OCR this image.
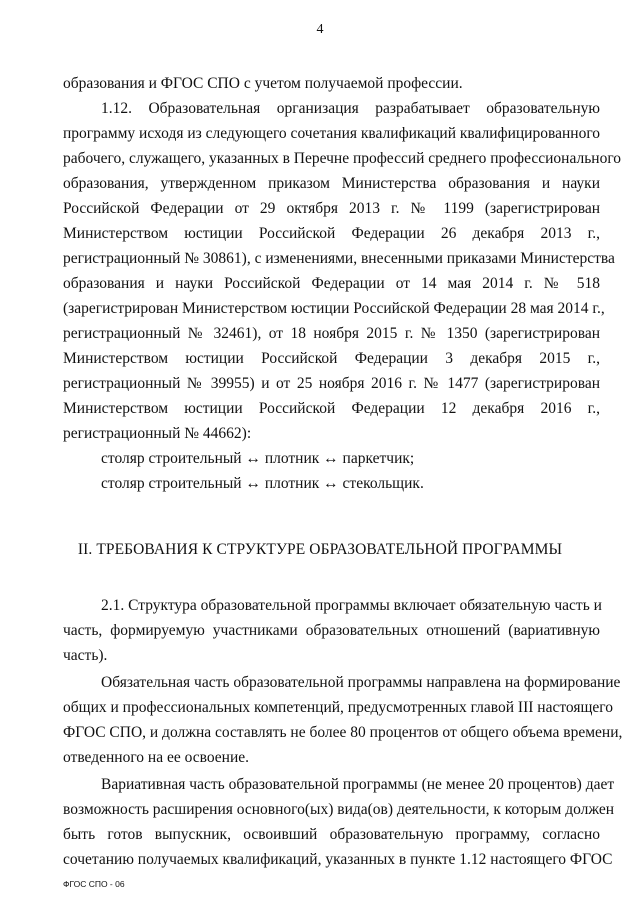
4
образования и ФГОС СПО с учетом получаемой профессии.
1.12. Образовательная организация разрабатывает образовательную
программу исходя из следующего сочетания квалификаций квалифицированного
рабочего, служащего, указанных в Перечне профессий среднего профессионального
образования, утвержденном приказом Министерства образования и науки
Российской Федерации от 29 октября 2013 г. № 1199 (зарегистрирован
Министерством юстиции Российской Федерации 26 декабря 2013 г.,
регистрационный № 30861), с изменениями, внесенными приказами Министерства
образования и науки Российской Федерации от 14 мая 2014 г. № 518
(зарегистрирован Министерством юстиции Российской Федерации 28 мая 2014 г.,
регистрационный № 32461), от 18 ноября 2015 г. № 1350 (зарегистрирован
Министерством юстиции Российской Федерации 3 декабря 2015 г.,
регистрационный № 39955) и от 25 ноября 2016 г. № 1477 (зарегистрирован
Министерством юстиции Российской Федерации 12 декабря 2016 г.,
регистрационный № 44662):
столяр строительный ↔ плотник ↔ паркетчик;
столяр строительный ↔ плотник ↔ стекольщик.
II. ТРЕБОВАНИЯ К СТРУКТУРЕ ОБРАЗОВАТЕЛЬНОЙ ПРОГРАММЫ
2.1. Структура образовательной программы включает обязательную часть и
часть, формируемую участниками образовательных отношений (вариативную
часть).
Обязательная часть образовательной программы направлена на формирование
общих и профессиональных компетенций, предусмотренных главой III настоящего
ФГОС СПО, и должна составлять не более 80 процентов от общего объема времени,
отведенного на ее освоение.
Вариативная часть образовательной программы (не менее 20 процентов) дает
возможность расширения основного(ых) вида(ов) деятельности, к которым должен
быть готов выпускник, освоивший образовательную программу, согласно
сочетанию получаемых квалификаций, указанных в пункте 1.12 настоящего ФГОС
ФГОС СПО - 06
